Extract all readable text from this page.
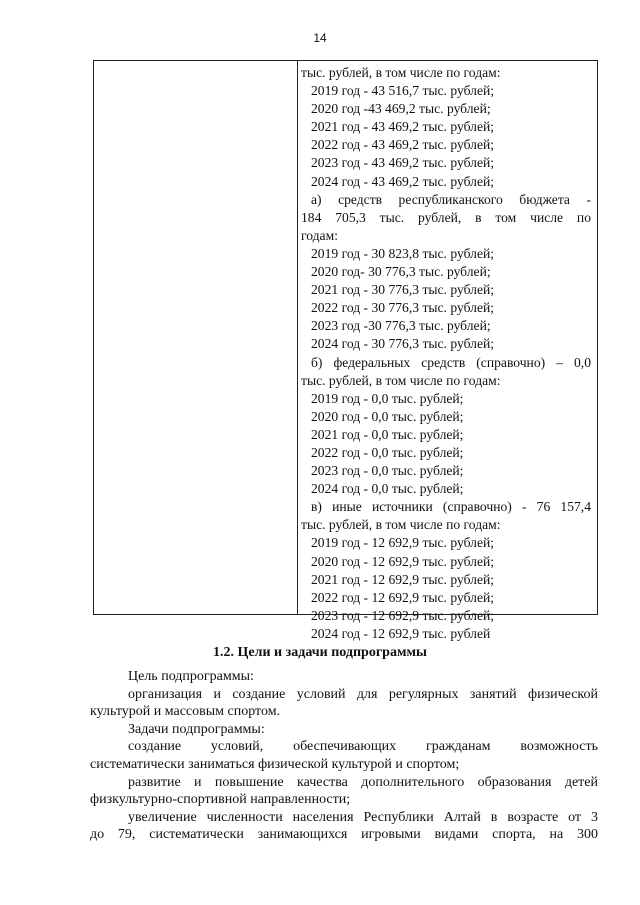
14
тыс. рублей, в том числе по годам:
2019 год - 43 516,7 тыс. рублей;
2020 год -43 469,2 тыс. рублей;
2021 год - 43 469,2 тыс. рублей;
2022 год - 43 469,2 тыс. рублей;
2023 год - 43 469,2 тыс. рублей;
2024 год - 43 469,2 тыс. рублей;
а) средств республиканского бюджета -
184 705,3 тыс. рублей, в том числе по
годам:
2019 год - 30 823,8 тыс. рублей;
2020 год- 30 776,3 тыс. рублей;
2021 год - 30 776,3 тыс. рублей;
2022 год - 30 776,3 тыс. рублей;
2023 год -30 776,3 тыс. рублей;
2024 год - 30 776,3 тыс. рублей;
б) федеральных средств (справочно) – 0,0
тыс. рублей, в том числе по годам:
2019 год - 0,0 тыс. рублей;
2020 год - 0,0 тыс. рублей;
2021 год - 0,0 тыс. рублей;
2022 год - 0,0 тыс. рублей;
2023 год - 0,0 тыс. рублей;
2024 год - 0,0 тыс. рублей;
в) иные источники (справочно) - 76 157,4
тыс. рублей, в том числе по годам:
2019 год - 12 692,9 тыс. рублей;
2020 год - 12 692,9 тыс. рублей;
2021 год - 12 692,9 тыс. рублей;
2022 год - 12 692,9 тыс. рублей;
2023 год - 12 692,9 тыс. рублей;
2024 год - 12 692,9 тыс. рублей
1.2. Цели и задачи подпрограммы
Цель подпрограммы:
организация и создание условий для регулярных занятий физической
культурой и массовым спортом.
Задачи подпрограммы:
создание условий, обеспечивающих гражданам возможность
систематически заниматься физической культурой и спортом;
развитие и повышение качества дополнительного образования детей
физкультурно-спортивной направленности;
увеличение численности населения Республики Алтай в возрасте от 3
до 79, систематически занимающихся игровыми видами спорта, на 300
